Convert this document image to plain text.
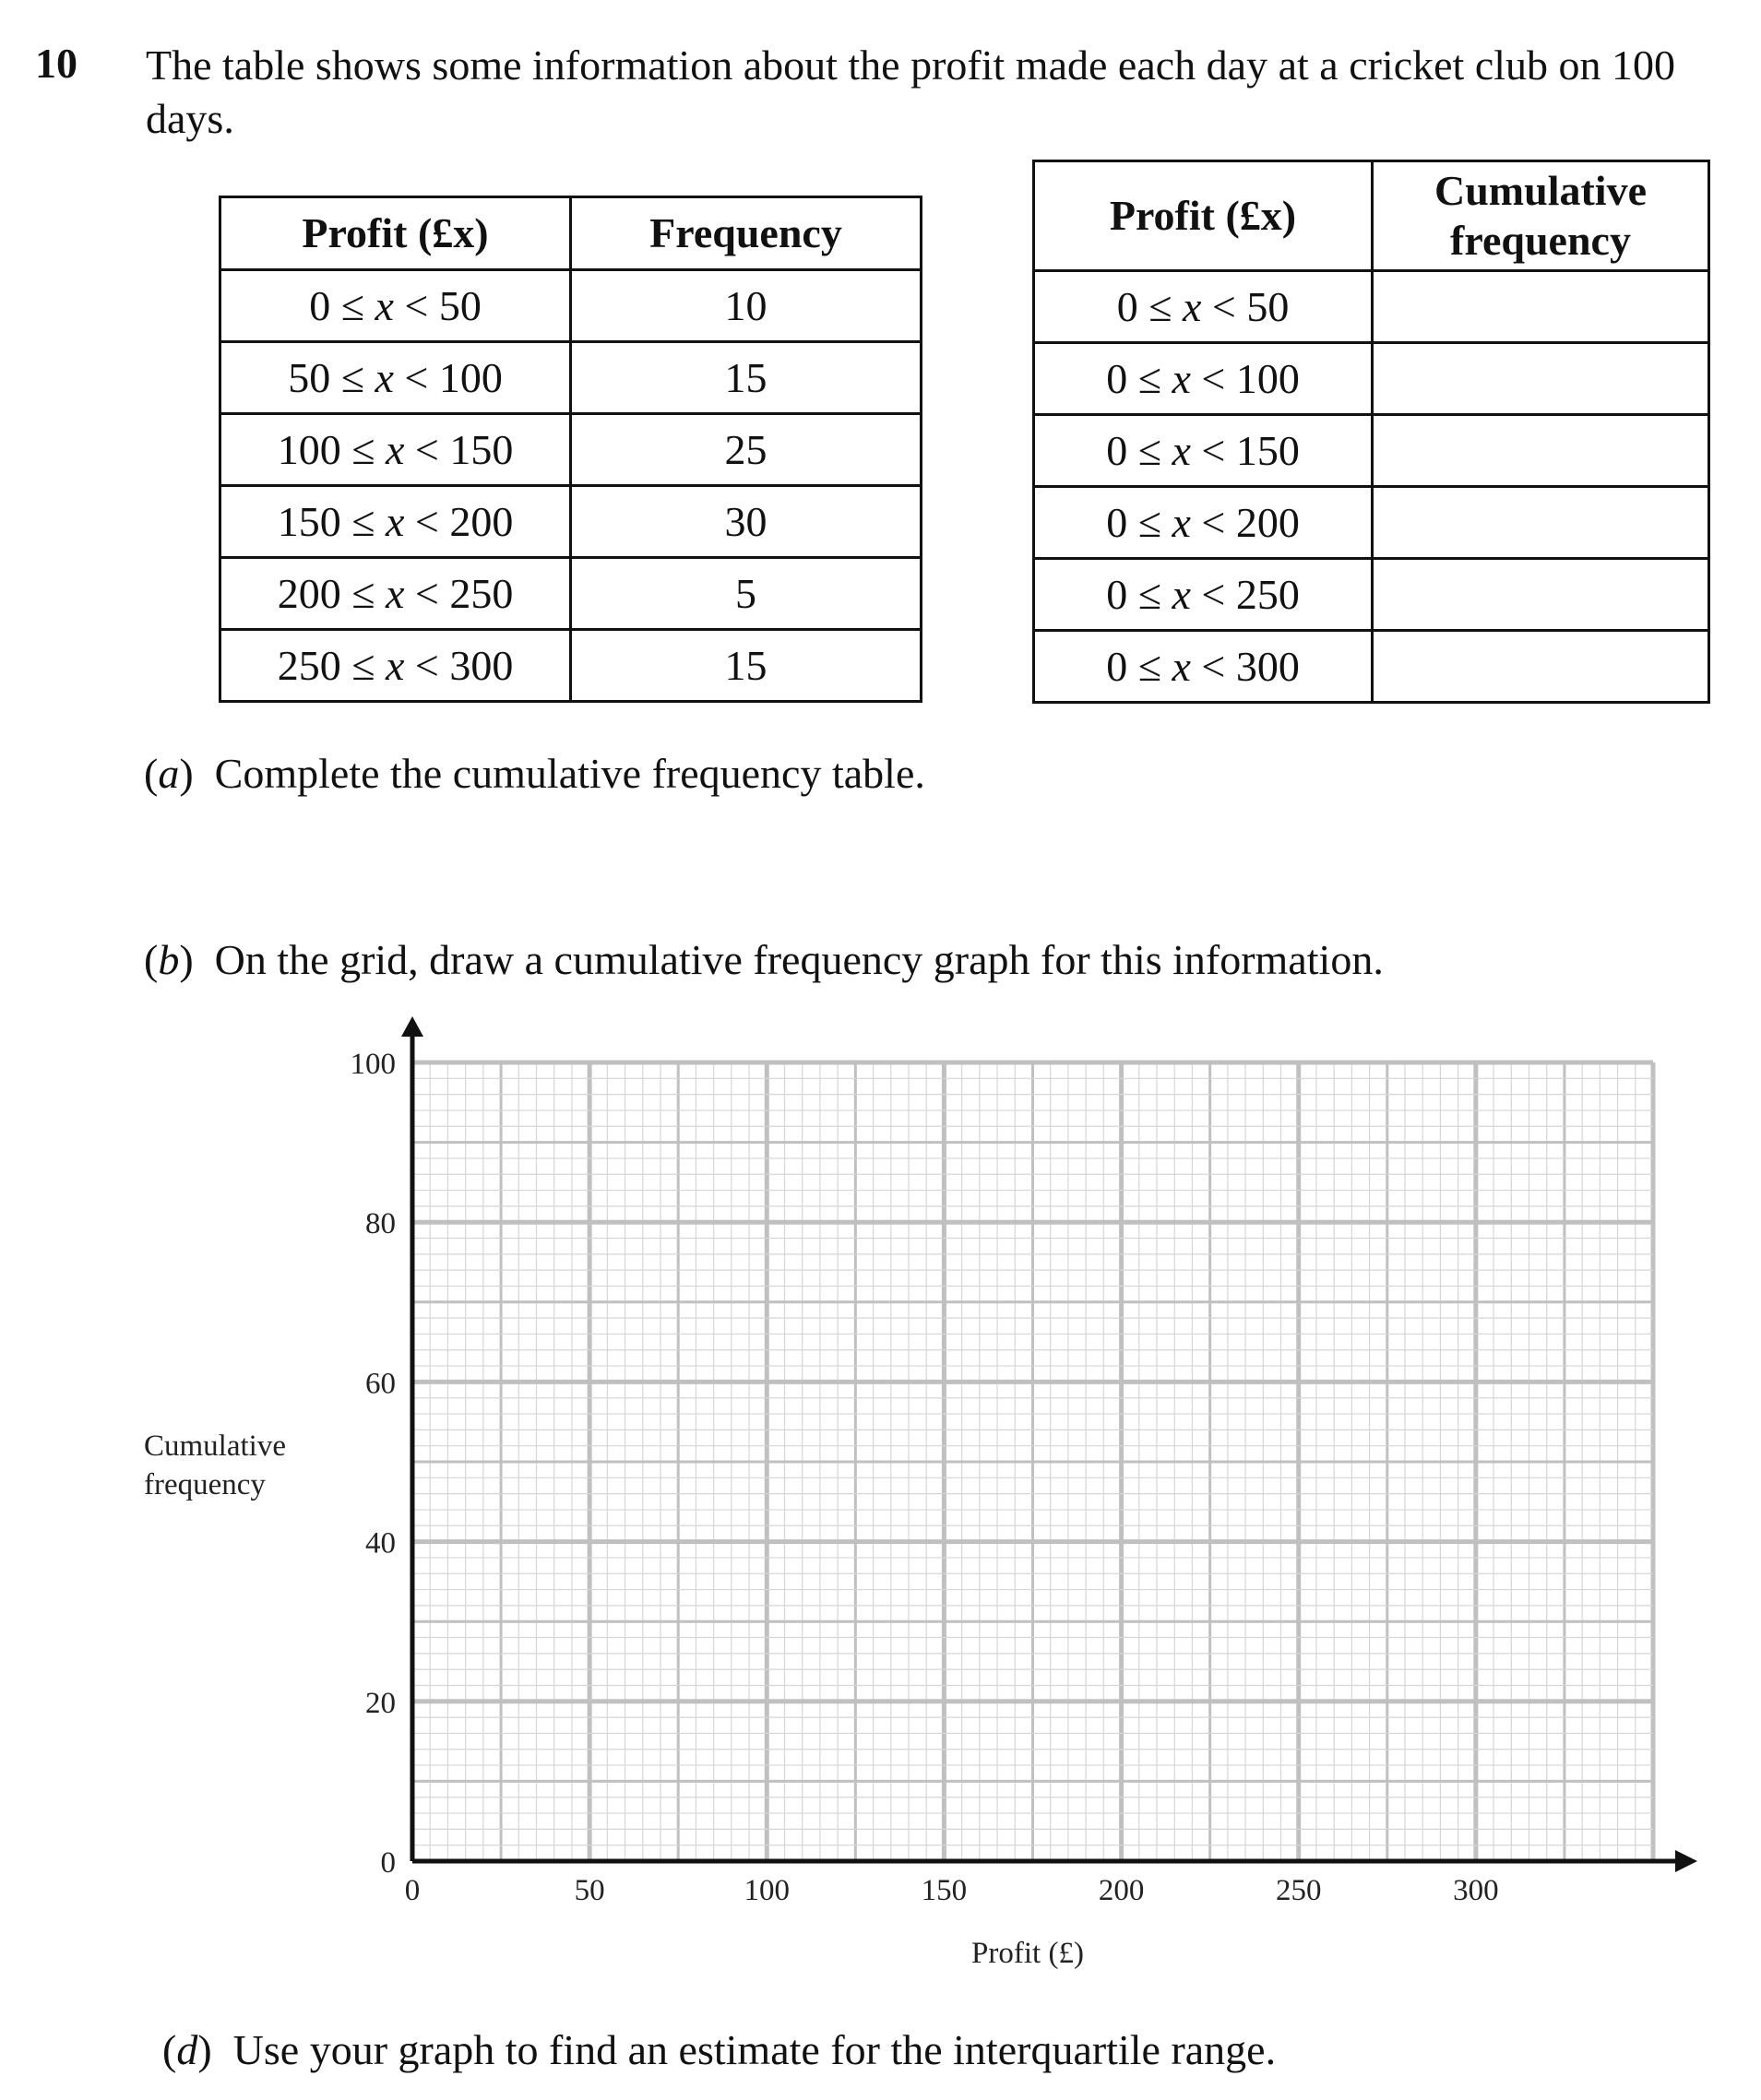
10 The table shows some information about the profit made each day at a cricket club on 100 days.
Profit (£x)	Frequency
0 ≤ x < 50	10
50 ≤ x < 100	15
100 ≤ x < 150	25
150 ≤ x < 200	30
200 ≤ x < 250	5
250 ≤ x < 300	15
Profit (£x)	Cumulative frequency

0 ≤ x < 50	
0 ≤ x < 100	
0 ≤ x < 150	
0 ≤ x < 200	
0 ≤ x < 250	
0 ≤ x < 300	
(a)  Complete the cumulative frequency table.
(b)  On the grid, draw a cumulative frequency graph for this information.
0	50	100	150	200	250	300
0
20
40
60
80
100
Profit (£)
Cumulative
frequency
(d)  Use your graph to find an estimate for the interquartile range.
